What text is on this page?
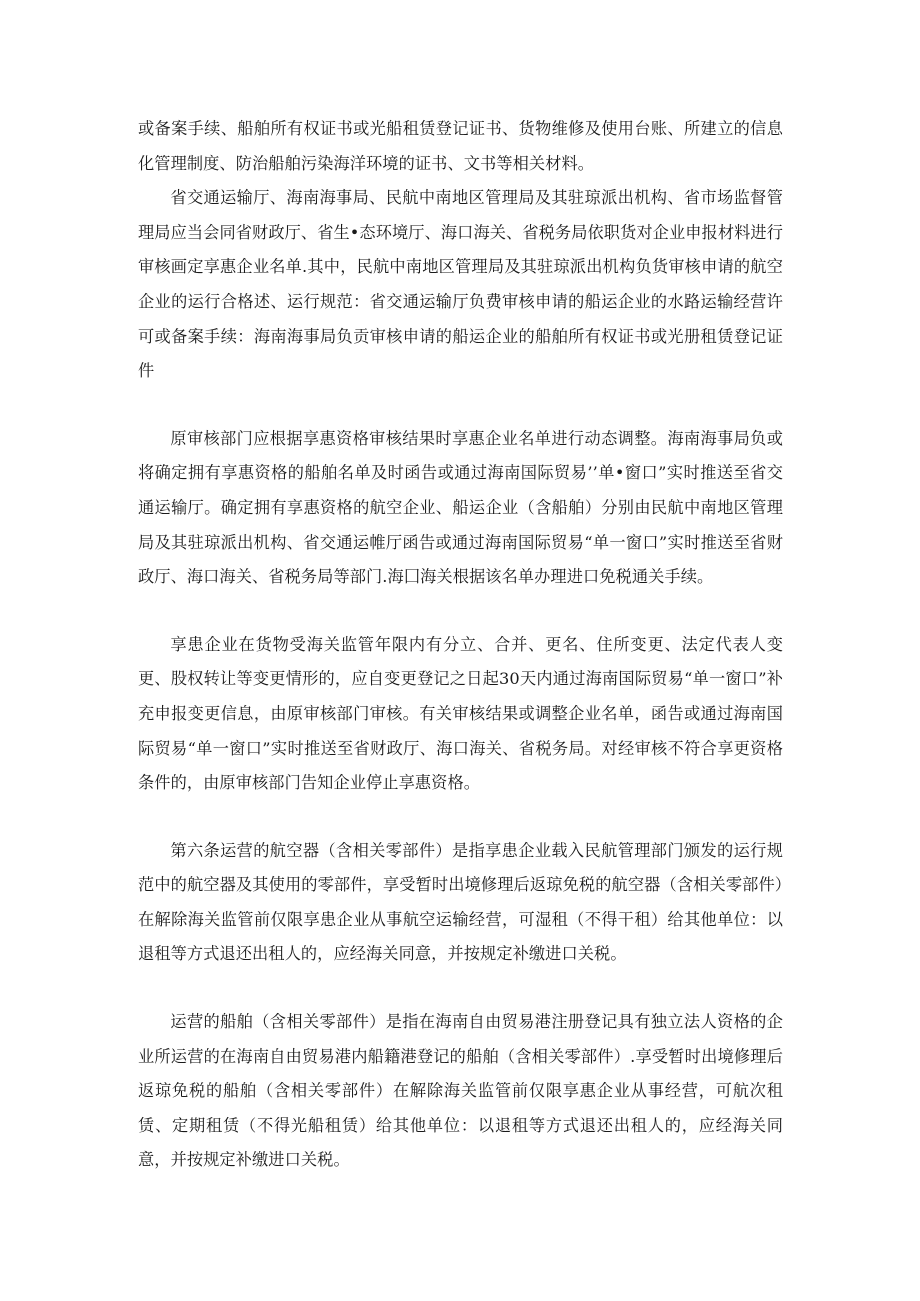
或备案手续、船舶所有权证书或光船租赁登记证书、货物维修及使用台账、所建立的信息化管理制度、防治船舶污染海洋环境的证书、文书等相关材料。

省交通运输厅、海南海事局、民航中南地区管理局及其驻琼派出机构、省市场监督管理局应当会同省财政厅、省生•态环境厅、海口海关、省税务局依职货对企业申报材料进行审核画定享惠企业名单.其中，民航中南地区管理局及其驻琼派出机构负货审核申请的航空企业的运行合格述、运行规范：省交通运输厅负费审核申请的船运企业的水路运输经营许可或备案手续：海南海事局负贡审核申请的船运企业的船舶所有权证书或光册租赁登记证件

原审核部门应根据享惠资格审核结果时享惠企业名单进行动态调整。海南海事局负或将确定拥有享惠资格的船舶名单及时函告或通过海南国际贸易’’单•窗口”实时推送至省交通运输厅。确定拥有享惠资格的航空企业、船运企业（含船舶）分别由民航中南地区管理局及其驻琼派出机构、省交通运帷厅函告或通过海南国际贸易“单一窗口”实时推送至省财政厅、海口海关、省税务局等部门.海囗海关根据该名单办理进口免税通关手续。

享患企业在货物受海关监管年限内有分立、合并、更名、住所变更、法定代表人变更、股权转让等变更情形的，应自变更登记之日起30天内通过海南国际贸易“单一窗口”补充申报变更信息，由原审核部门审核。有关审核结果或调整企业名单，函告或通过海南国际贸易“单一窗口”实时推送至省财政厅、海口海关、省税务局。对经审核不符合享更资格条件的，由原审核部门告知企业停止享惠资格。

第六条运营的航空器（含相关零部件）是指享患企业载入民航管理部门颁发的运行规范中的航空器及其使用的零部件，享受暂时出境修理后返琼免税的航空器（含相关零部件）在解除海关监管前仅限享患企业从事航空运输经营，可湿租（不得干租）给其他单位：以退租等方式退还出租人的，应经海关同意，并按规定补缴进口关税。

运营的船舶（含相关零部件）是指在海南自由贸易港注册登记具有独立法人资格的企业所运营的在海南自由贸易港内船籍港登记的船舶（含相关零部件）.享受暂时出境修理后返琼免税的船舶（含相关零部件）在解除海关监管前仅限享惠企业从事经营，可航次租赁、定期租赁（不得光船租赁）给其他单位：以退租等方式退还出租人的，应经海关同意，并按规定补缴进口关税。
